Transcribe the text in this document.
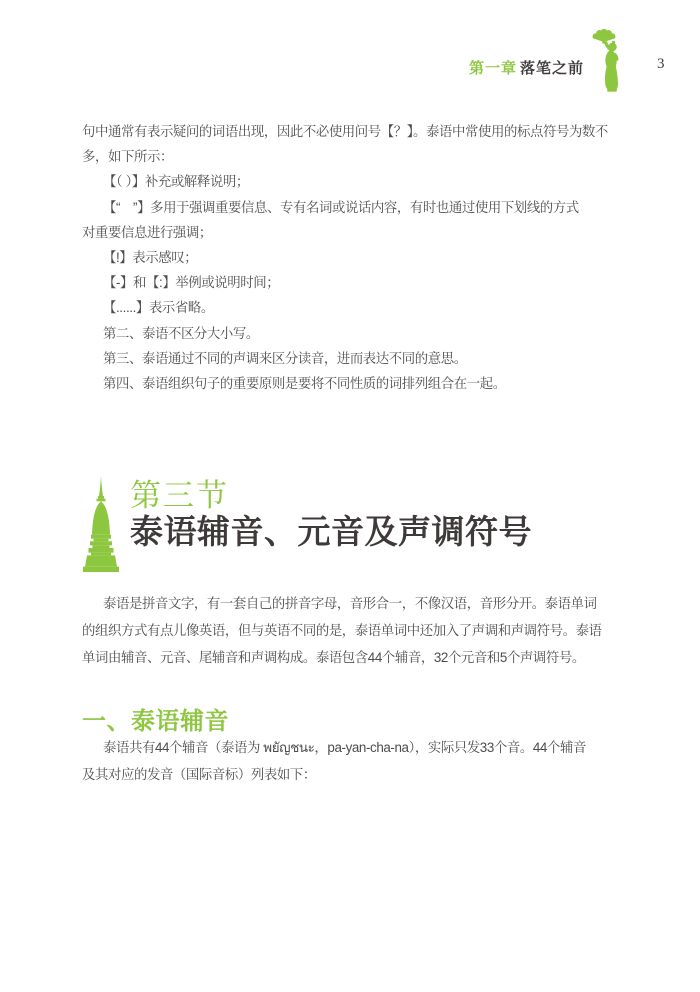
第一章 落笔之前	3
句中通常有表示疑问的词语出现，因此不必使用问号【？】。泰语中常使用的标点符号为数不
多，如下所示：
【（ ）】补充或解释说明；
【“　”】多用于强调重要信息、专有名词或说话内容，有时也通过使用下划线的方式
对重要信息进行强调；
【!】表示感叹；
【-】和【:】举例或说明时间；
【......】表示省略。
第二、泰语不区分大小写。
第三、泰语通过不同的声调来区分读音，进而表达不同的意思。
第四、泰语组织句子的重要原则是要将不同性质的词排列组合在一起。
第三节
泰语辅音、元音及声调符号
泰语是拼音文字，有一套自己的拼音字母，音形合一，不像汉语，音形分开。泰语单词
的组织方式有点儿像英语，但与英语不同的是，泰语单词中还加入了声调和声调符号。泰语
单词由辅音、元音、尾辅音和声调构成。泰语包含44个辅音，32个元音和5个声调符号。
一、泰语辅音
泰语共有44个辅音（泰语为 พยัญชนะ，pa-yan-cha-na），实际只发33个音。44个辅音
及其对应的发音（国际音标）列表如下：
